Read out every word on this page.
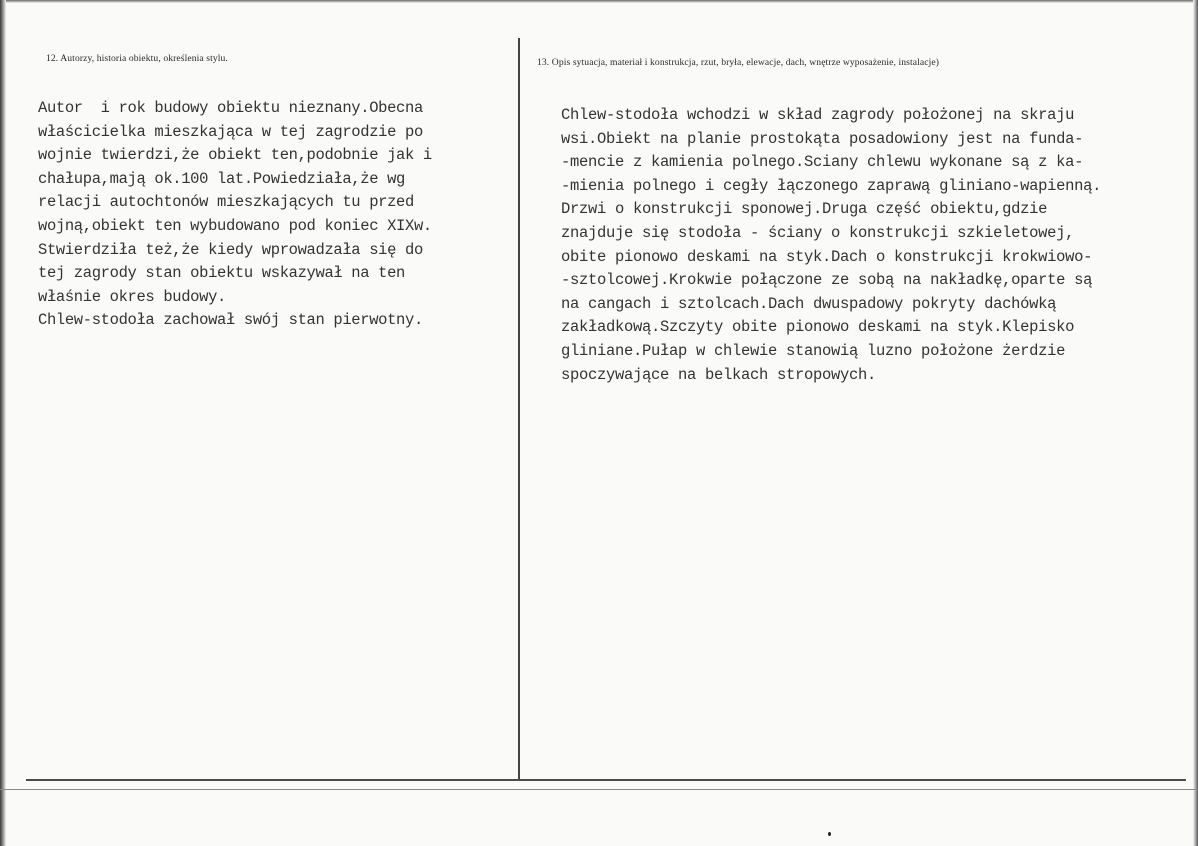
12. Autorzy, historia obiektu, określenia stylu.	13. Opis sytuacja, materiał i konstrukcja, rzut, bryła, elewacje, dach, wnętrze wyposażenie, instalacje)
Autor  i rok budowy obiektu nieznany.Obecna
właścicielka mieszkająca w tej zagrodzie po
wojnie twierdzi,że obiekt ten,podobnie jak i
chałupa,mają ok.100 lat.Powiedziała,że wg
relacji autochtonów mieszkających tu przed
wojną,obiekt ten wybudowano pod koniec XIXw.
Stwierdziła też,że kiedy wprowadzała się do
tej zagrody stan obiektu wskazywał na ten
właśnie okres budowy.
Chlew-stodoła zachował swój stan pierwotny.
Chlew-stodoła wchodzi w skład zagrody położonej na skraju
wsi.Obiekt na planie prostokąta posadowiony jest na funda-
-mencie z kamienia polnego.Sciany chlewu wykonane są z ka-
-mienia polnego i cegły łączonego zaprawą gliniano-wapienną.
Drzwi o konstrukcji sponowej.Druga część obiektu,gdzie
znajduje się stodoła - ściany o konstrukcji szkieletowej,
obite pionowo deskami na styk.Dach o konstrukcji krokwiowo-
-sztolcowej.Krokwie połączone ze sobą na nakładkę,oparte są
na cangach i sztolcach.Dach dwuspadowy pokryty dachówką
zakładkową.Szczyty obite pionowo deskami na styk.Klepisko
gliniane.Pułap w chlewie stanowią luzno położone żerdzie
spoczywające na belkach stropowych.
